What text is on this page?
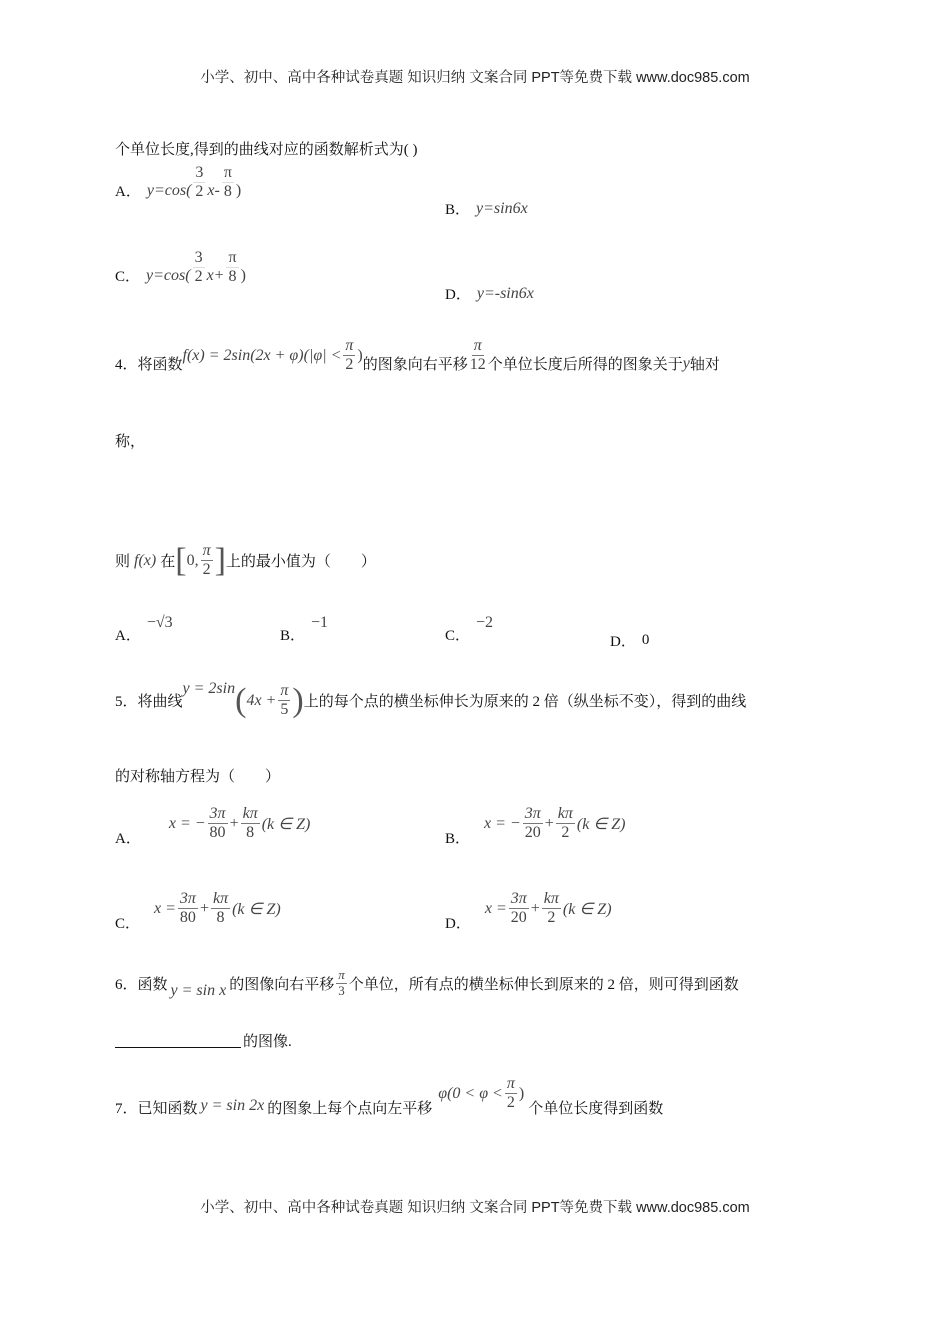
小学、初中、高中各种试卷真题 知识归纳 文案合同 PPT等免费下载 www.doc985.com
个单位长度,得到的曲线对应的函数解析式为( )
A． $y=\cos( \frac{3}{2} x- \frac{\pi}{8}$ )
B． y=sin6x
C． $y=\cos( \frac{3}{2} x+ \frac{\pi}{8}$ )
D． y=-sin6x
4． 将函数
$f(x) = 2\sin(2x + \varphi)(|\varphi| < \frac{\pi}{2}$ )
的图象向右平移 $\frac{\pi}{12}$ 个单位长度后所得的图象关于 y 轴对
称，
则 f(x) 在 [ 0, $\frac{\pi}{2}$ ] 上的最小值为（　　）
A．
−√3
B．
−1
C．
−2
D． 0
5． 将曲线
y = 2sin ( $4x + \frac{\pi}{5}$ ) 上的每个点的横坐标伸长为原来的 2 倍（纵坐标不变），得到的曲线
的对称轴方程为（　　）
A．
x = − $\frac{3\pi}{80} + \frac{k\pi}{8} (k$ ∈ Z)
B．
x = − $\frac{3\pi}{20} + \frac{k\pi}{2} (k$ ∈ Z)
C．
$x = \frac{3\pi}{80} + \frac{k\pi}{8} (k$ ∈ Z)
D．
$x = \frac{3\pi}{20} + \frac{k\pi}{2} (k$ ∈ Z)
6． 函数 y = sin x 的图像向右平移 $\frac{\pi}{3}$ 个单位，所有点的横坐标伸长到原来的 2 倍，则可得到函数
的图像.
7． 已知函数 y = sin 2x 的图象上每个点向左平移
$\varphi(0 < \varphi < \frac{\pi}{2}$ )
个单位长度得到函数
小学、初中、高中各种试卷真题 知识归纳 文案合同 PPT等免费下载 www.doc985.com
